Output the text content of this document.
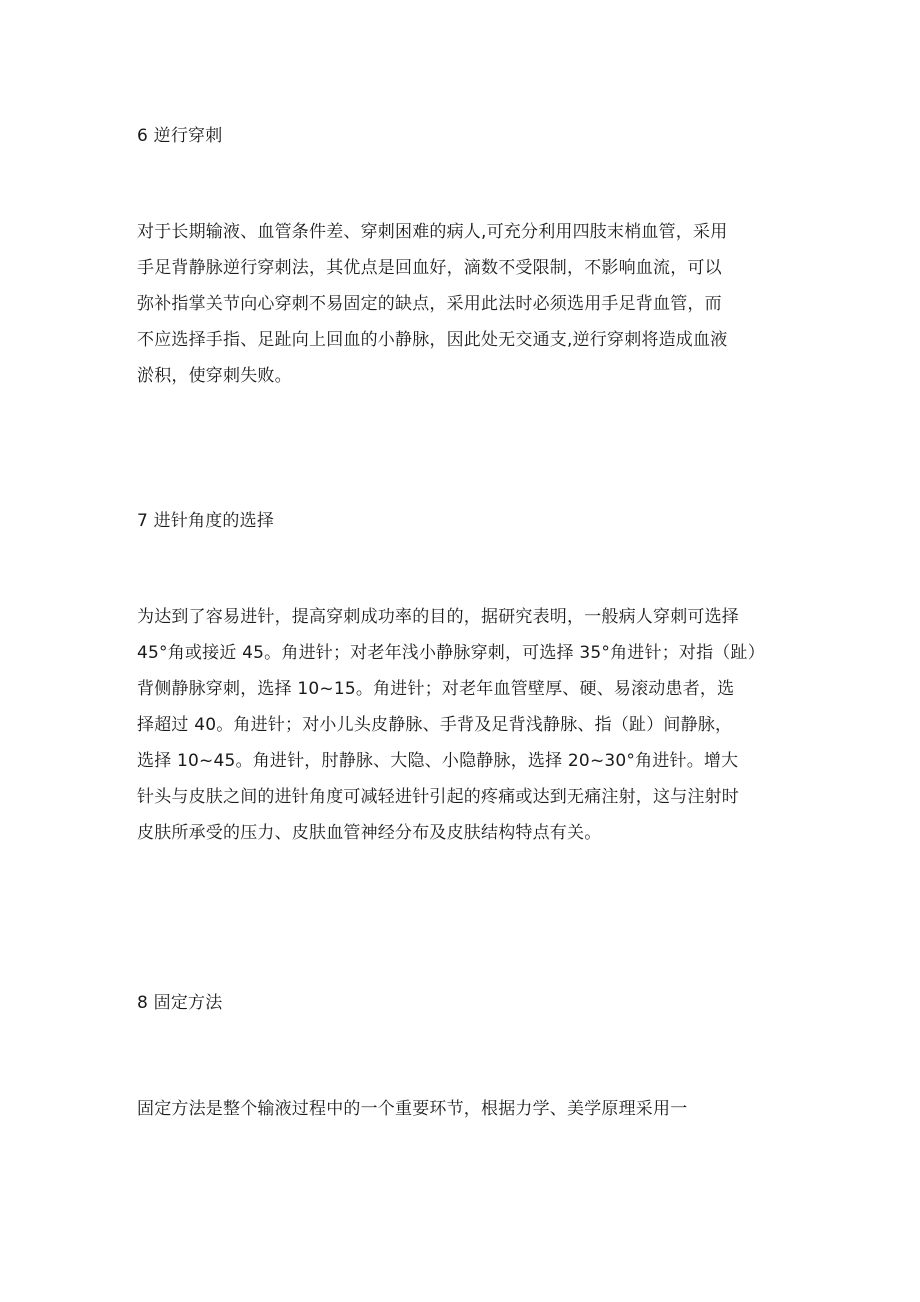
6 逆行穿刺
对于长期输液、血管条件差、穿刺困难的病人,可充分利用四肢末梢血管，采用
手足背静脉逆行穿刺法，其优点是回血好，滴数不受限制，不影响血流，可以
弥补指掌关节向心穿刺不易固定的缺点，采用此法时必须选用手足背血管，而
不应选择手指、足趾向上回血的小静脉，因此处无交通支,逆行穿刺将造成血液
淤积，使穿刺失败。
7 进针角度的选择
为达到了容易进针，提高穿刺成功率的目的，据研究表明，一般病人穿刺可选择
45°角或接近 45。角进针；对老年浅小静脉穿刺，可选择 35°角进针；对指（趾）
背侧静脉穿刺，选择 10~15。角进针；对老年血管壁厚、硬、易滚动患者，选
择超过 40。角进针；对小儿头皮静脉、手背及足背浅静脉、指（趾）间静脉，
选择 10~45。角进针，肘静脉、大隐、小隐静脉，选择 20~30°角进针。增大
针头与皮肤之间的进针角度可减轻进针引起的疼痛或达到无痛注射，这与注射时
皮肤所承受的压力、皮肤血管神经分布及皮肤结构特点有关。
8 固定方法
固定方法是整个输液过程中的一个重要环节，根据力学、美学原理采用一
